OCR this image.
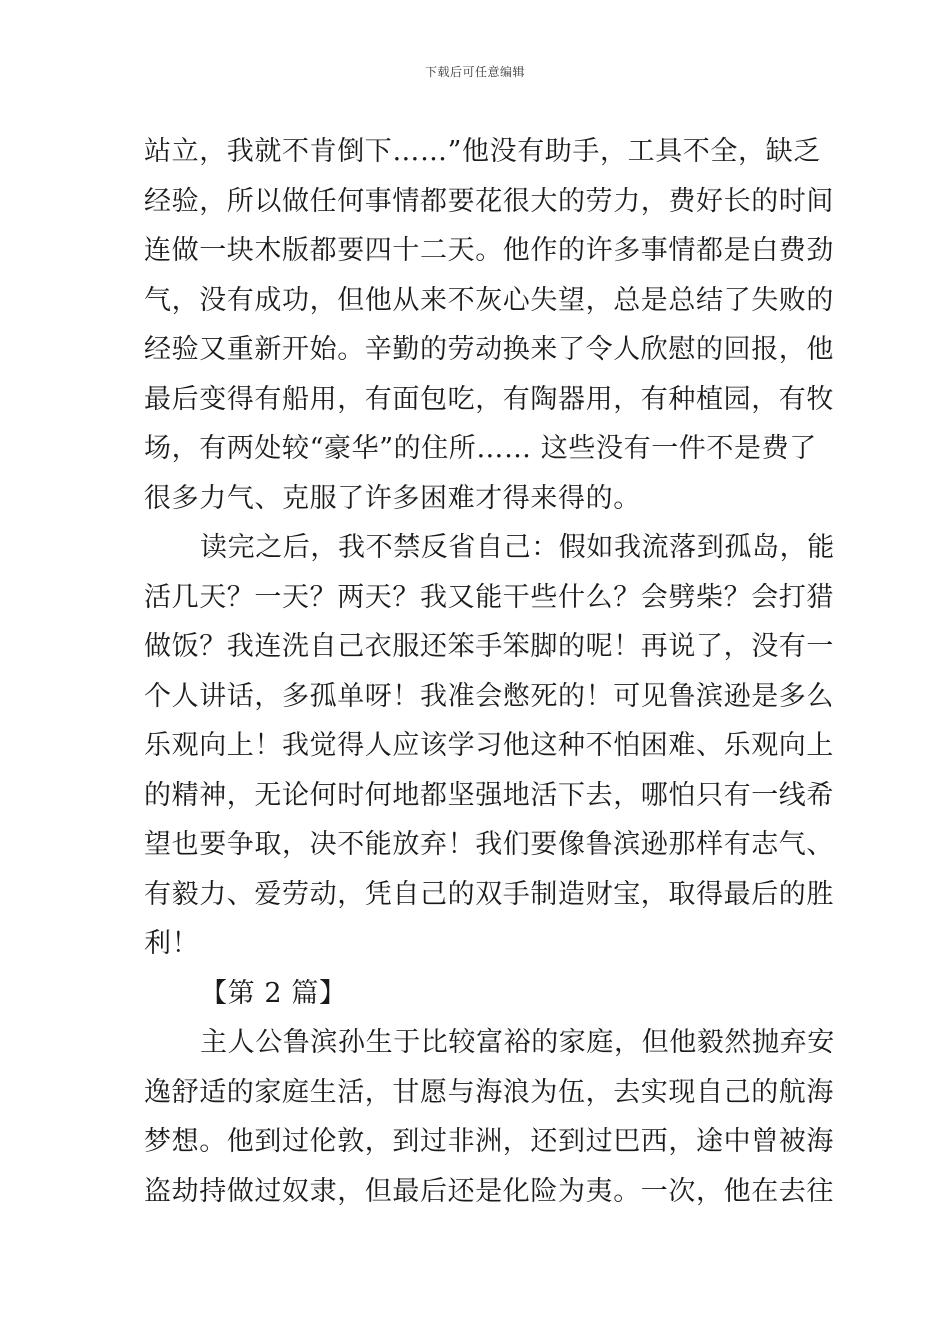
下载后可任意编辑

站立，我就不肯倒下……”他没有助手，工具不全，缺乏
经验，所以做任何事情都要花很大的劳力，费好长的时间
连做一块木版都要四十二天。他作的许多事情都是白费劲
气，没有成功，但他从来不灰心失望，总是总结了失败的
经验又重新开始。辛勤的劳动换来了令人欣慰的回报，他
最后变得有船用，有面包吃，有陶器用，有种植园，有牧
场，有两处较“豪华”的住所…… 这些没有一件不是费了
很多力气、克服了许多困难才得来得的。

读完之后，我不禁反省自己：假如我流落到孤岛，能
活几天？一天？两天？我又能干些什么？会劈柴？会打猎
做饭？我连洗自己衣服还笨手笨脚的呢！再说了，没有一
个人讲话，多孤单呀！我准会憋死的！可见鲁滨逊是多么
乐观向上！我觉得人应该学习他这种不怕困难、乐观向上
的精神，无论何时何地都坚强地活下去，哪怕只有一线希
望也要争取，决不能放弃！我们要像鲁滨逊那样有志气、
有毅力、爱劳动，凭自己的双手制造财宝，取得最后的胜
利！

【第 2 篇】

主人公鲁滨孙生于比较富裕的家庭，但他毅然抛弃安
逸舒适的家庭生活，甘愿与海浪为伍，去实现自己的航海
梦想。他到过伦敦，到过非洲，还到过巴西，途中曾被海
盗劫持做过奴隶，但最后还是化险为夷。一次，他在去往
